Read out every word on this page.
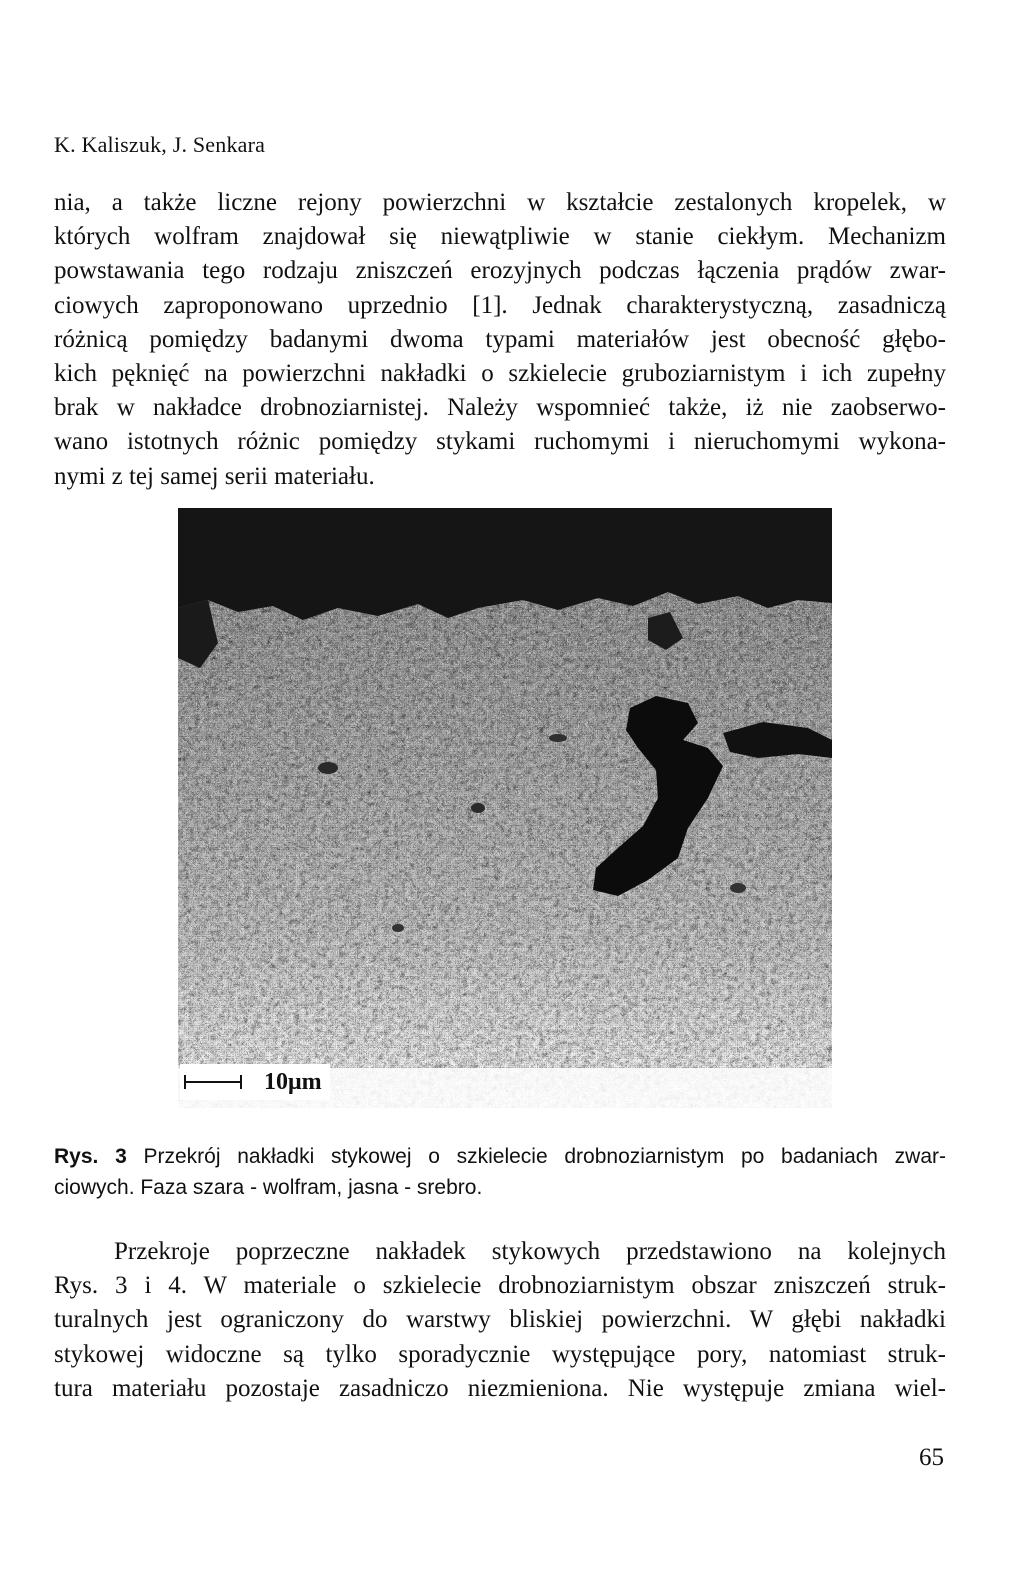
K. Kaliszuk, J. Senkara
nia, a także liczne rejony powierzchni w kształcie zestalonych kropelek, w
których wolfram znajdował się niewątpliwie w stanie ciekłym. Mechanizm
powstawania tego rodzaju zniszczeń erozyjnych podczas łączenia prądów zwar-
ciowych zaproponowano uprzednio [1]. Jednak charakterystyczną, zasadniczą
różnicą pomiędzy badanymi dwoma typami materiałów jest obecność głębo-
kich pęknięć na powierzchni nakładki o szkielecie gruboziarnistym i ich zupełny
brak w nakładce drobnoziarnistej. Należy wspomnieć także, iż nie zaobserwo-
wano istotnych różnic pomiędzy stykami ruchomymi i nieruchomymi wykona-
nymi z tej samej serii materiału.
10μm
Rys. 3 Przekrój nakładki stykowej o szkielecie drobnoziarnistym po badaniach zwar-
ciowych. Faza szara - wolfram, jasna - srebro.
Przekroje poprzeczne nakładek stykowych przedstawiono na kolejnych
Rys. 3 i 4. W materiale o szkielecie drobnoziarnistym obszar zniszczeń struk-
turalnych jest ograniczony do warstwy bliskiej powierzchni. W głębi nakładki
stykowej widoczne są tylko sporadycznie występujące pory, natomiast struk-
tura materiału pozostaje zasadniczo niezmieniona. Nie występuje zmiana wiel-
65
